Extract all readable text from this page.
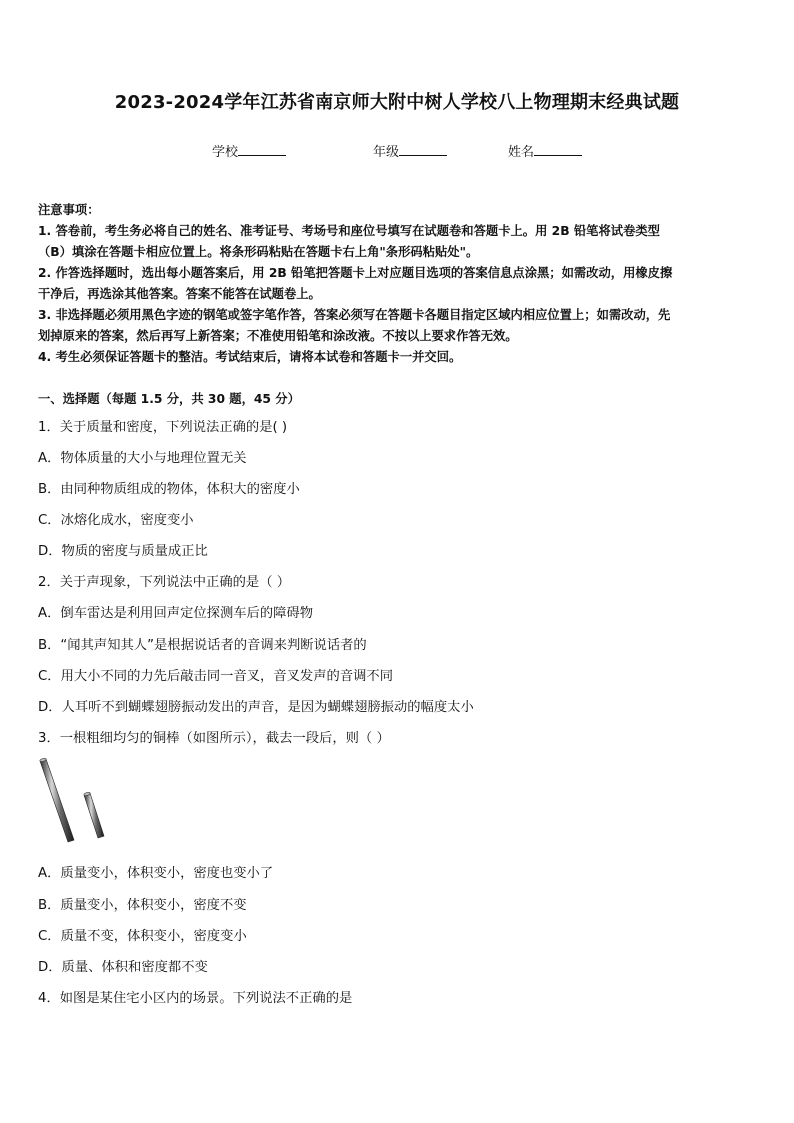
2023-2024学年江苏省南京师大附中树人学校八上物理期末经典试题
学校	年级	姓名
注意事项：
1. 答卷前，考生务必将自己的姓名、准考证号、考场号和座位号填写在试题卷和答题卡上。用 2B 铅笔将试卷类型
（B）填涂在答题卡相应位置上。将条形码粘贴在答题卡右上角"条形码粘贴处"。
2. 作答选择题时，选出每小题答案后，用 2B 铅笔把答题卡上对应题目选项的答案信息点涂黑；如需改动，用橡皮擦
干净后，再选涂其他答案。答案不能答在试题卷上。
3. 非选择题必须用黑色字迹的钢笔或签字笔作答，答案必须写在答题卡各题目指定区域内相应位置上；如需改动，先
划掉原来的答案，然后再写上新答案；不准使用铅笔和涂改液。不按以上要求作答无效。
4. 考生必须保证答题卡的整洁。考试结束后，请将本试卷和答题卡一并交回。
一、选择题（每题 1.5 分，共 30 题，45 分）
1．关于质量和密度，下列说法正确的是( )
A．物体质量的大小与地理位置无关
B．由同种物质组成的物体，体积大的密度小
C．冰熔化成水，密度变小
D．物质的密度与质量成正比
2．关于声现象，下列说法中正确的是（ ）
A．倒车雷达是利用回声定位探测车后的障碍物
B．“闻其声知其人”是根据说话者的音调来判断说话者的
C．用大小不同的力先后敲击同一音叉，音叉发声的音调不同
D．人耳听不到蝴蝶翅膀振动发出的声音，是因为蝴蝶翅膀振动的幅度太小
3．一根粗细均匀的铜棒（如图所示），截去一段后，则（ ）
A．质量变小，体积变小，密度也变小了
B．质量变小，体积变小，密度不变
C．质量不变，体积变小，密度变小
D．质量、体积和密度都不变
4．如图是某住宅小区内的场景。下列说法不正确的是
